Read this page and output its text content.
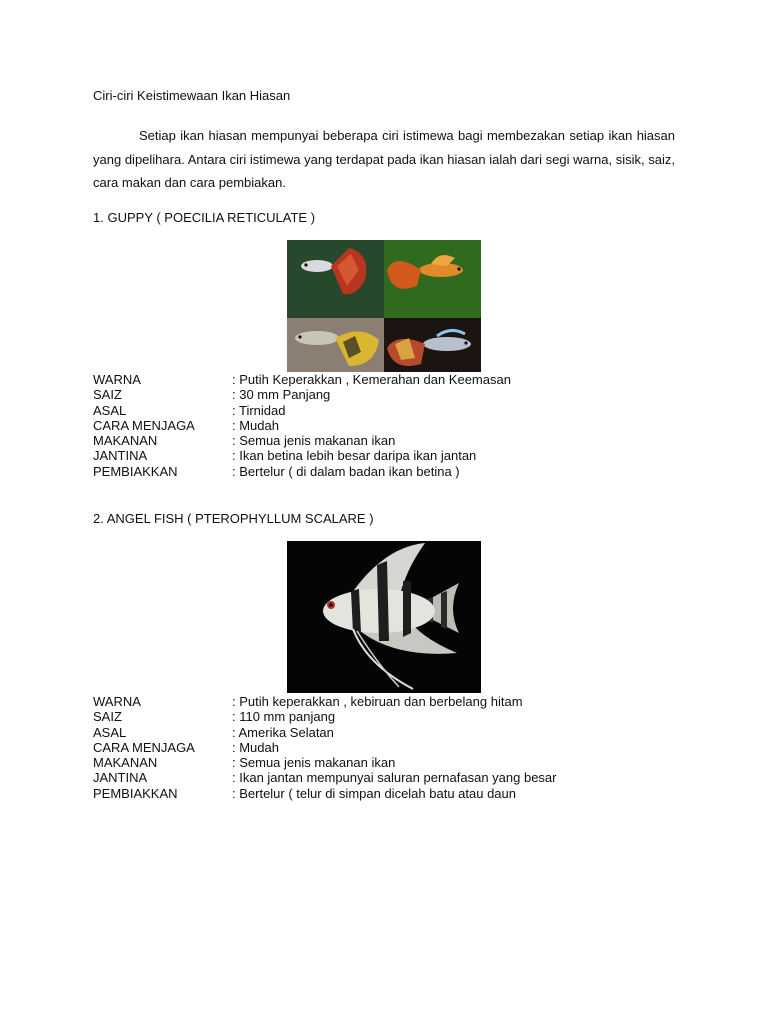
Ciri-ciri Keistimewaan Ikan Hiasan
Setiap ikan hiasan mempunyai beberapa ciri istimewa bagi membezakan setiap ikan hiasan yang dipelihara. Antara ciri istimewa yang terdapat pada ikan hiasan ialah dari segi warna, sisik, saiz, cara makan dan cara pembiakan.
1. GUPPY ( POECILIA RETICULATE )
WARNA	: Putih Keperakkan , Kemerahan dan Keemasan
SAIZ	: 30 mm Panjang
ASAL	: Tirnidad
CARA MENJAGA	: Mudah
MAKANAN	: Semua jenis makanan ikan
JANTINA	: Ikan betina lebih besar daripa ikan jantan
PEMBIAKKAN	: Bertelur ( di dalam badan ikan betina )
2. ANGEL FISH ( PTEROPHYLLUM SCALARE )
WARNA	: Putih keperakkan , kebiruan dan berbelang hitam
SAIZ	: 110 mm panjang
ASAL	: Amerika Selatan
CARA MENJAGA	: Mudah
MAKANAN	: Semua jenis makanan ikan
JANTINA	: Ikan jantan mempunyai saluran pernafasan yang besar
PEMBIAKKAN	: Bertelur ( telur di simpan dicelah batu atau daun
